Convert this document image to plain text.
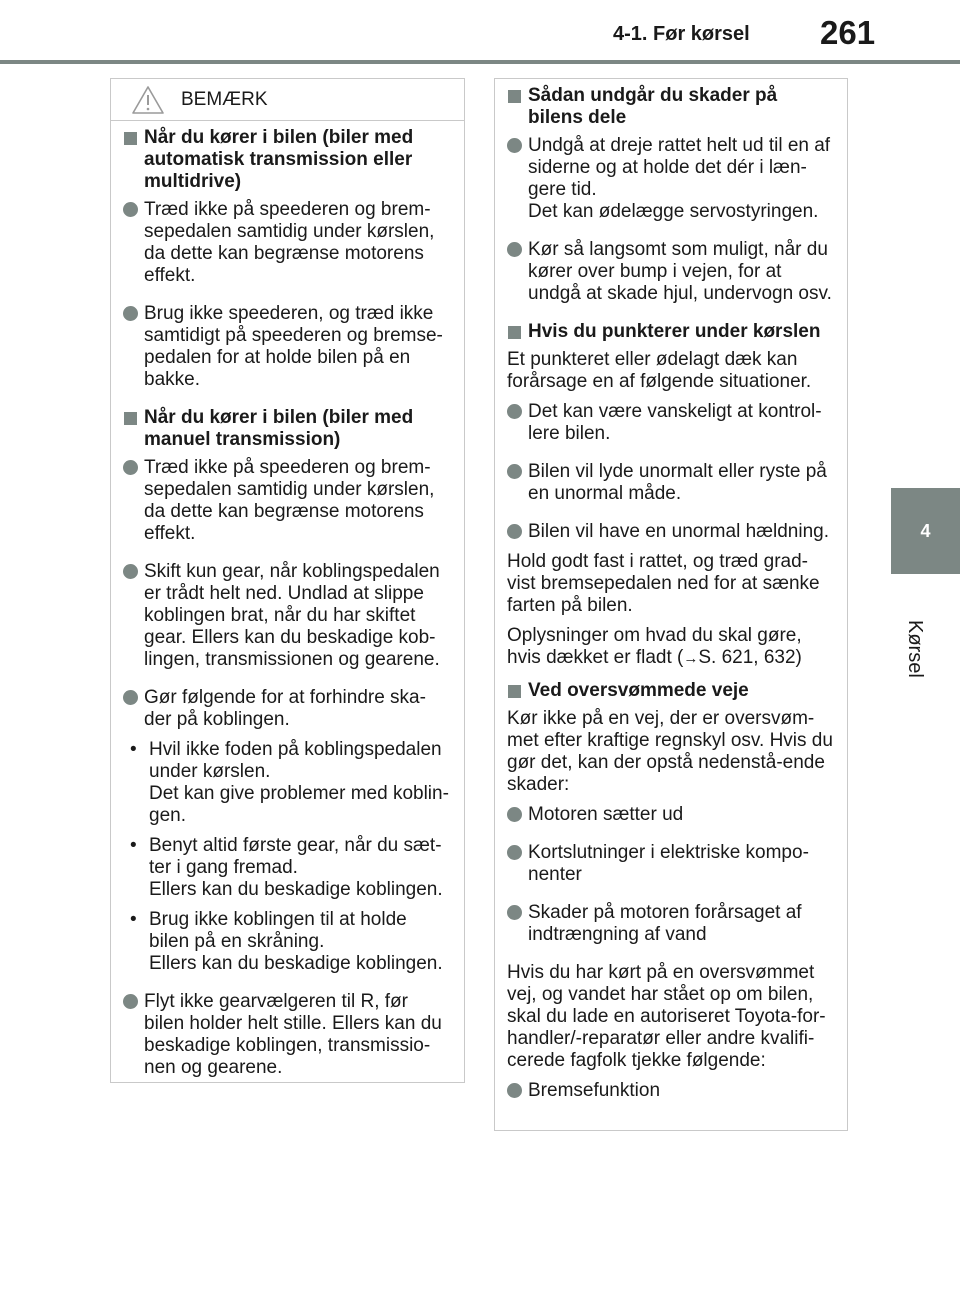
4-1. Før kørsel 261
4
Kørsel
BEMÆRK
Når du kører i bilen (biler med automatisk transmission eller multidrive)
Træd ikke på speederen og brem-sepedalen samtidig under kørslen, da dette kan begrænse motorens effekt.
Brug ikke speederen, og træd ikke samtidigt på speederen og bremse-pedalen for at holde bilen på en bakke.
Når du kører i bilen (biler med manuel transmission)
Træd ikke på speederen og brem-sepedalen samtidig under kørslen, da dette kan begrænse motorens effekt.
Skift kun gear, når koblingspedalen er trådt helt ned. Undlad at slippe koblingen brat, når du har skiftet gear. Ellers kan du beskadige kob-lingen, transmissionen og gearene.
Gør følgende for at forhindre ska-der på koblingen.
• Hvil ikke foden på koblingspedalen under kørslen.
Det kan give problemer med koblin-gen.
• Benyt altid første gear, når du sæt-ter i gang fremad.
Ellers kan du beskadige koblingen.
• Brug ikke koblingen til at holde bilen på en skråning.
Ellers kan du beskadige koblingen.
Flyt ikke gearvælgeren til R, før bilen holder helt stille. Ellers kan du beskadige koblingen, transmissio-nen og gearene.
Sådan undgår du skader på bilens dele
Undgå at dreje rattet helt ud til en af siderne og at holde det dér i læn-gere tid.
Det kan ødelægge servostyringen.
Kør så langsomt som muligt, når du kører over bump i vejen, for at undgå at skade hjul, undervogn osv.
Hvis du punkterer under kørslen
Et punkteret eller ødelagt dæk kan forårsage en af følgende situationer.
Det kan være vanskeligt at kontrol-lere bilen.
Bilen vil lyde unormalt eller ryste på en unormal måde.
Bilen vil have en unormal hældning.
Hold godt fast i rattet, og træd grad-vist bremsepedalen ned for at sænke farten på bilen.
Oplysninger om hvad du skal gøre, hvis dækket er fladt (→S. 621, 632)
Ved oversvømmede veje
Kør ikke på en vej, der er oversvøm-met efter kraftige regnskyl osv. Hvis du gør det, kan der opstå nedenstå-ende skader:
Motoren sætter ud
Kortslutninger i elektriske kompo-nenter
Skader på motoren forårsaget af indtrængning af vand
Hvis du har kørt på en oversvømmet vej, og vandet har stået op om bilen, skal du lade en autoriseret Toyota-for-handler/-reparatør eller andre kvalifi-cerede fagfolk tjekke følgende:
Bremsefunktion
